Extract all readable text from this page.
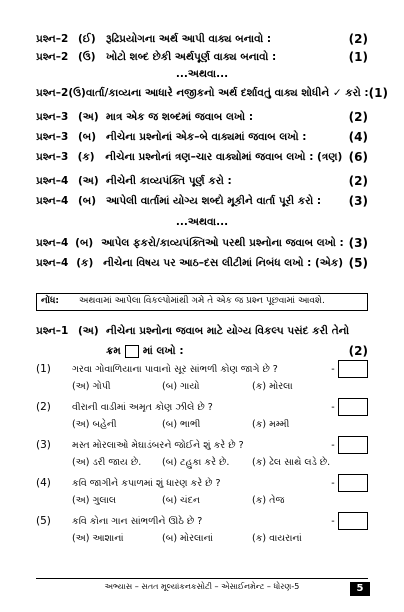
પ્રશ્ન–2 (ઈ) રૂઢિપ્રયોગના અર્થ આપી વાક્ય બનાવો :	(2)
પ્રશ્ન–2 (ઉ) ખોટો શબ્દ છેકી અર્થપૂર્ણ વાક્ય બનાવો :	(1)
...અથવા...
પ્રશ્ન–2 (ઉ) વાર્તા/કાવ્યના આધારે નજીકનો અર્થ દર્શાવતું વાક્ય શોધીને ✓ કરો : (1)
પ્રશ્ન–3 (અ) માત્ર એક જ શબ્દમાં જવાબ લખો :	(2)
પ્રશ્ન–3 (બ) નીચેના પ્રશ્નોનાં એક–બે વાક્યમાં જવાબ લખો :	(4)
પ્રશ્ન–3 (ક)	નીચેના પ્રશ્નોનાં ત્રણ–ચાર વાક્યોમાં જવાબ લખો : (ત્રણ) (6)
પ્રશ્ન–4 (અ) નીચેની કાવ્યપંક્તિ પૂર્ણ કરો :	(2)
પ્રશ્ન–4 (બ) આપેલી વાર્તામાં યોગ્ય શબ્દો મૂકીને વાર્તા પૂરી કરો :	(3)
...અથવા...
પ્રશ્ન–4 (બ) આપેલ ફકરો/કાવ્યપંક્તિઓ પરથી પ્રશ્નોના જવાબ લખો : (3)
પ્રશ્ન–4 (ક) નીચેના વિષય પર આઠ–દસ લીટીમાં નિબંધ લખો : (એક) (5)
નોંધ:	અથવામાં આપેલા વિકલ્પોમાંથી ગમે તે એક જ પ્રશ્ન પૂછવામાં આવશે.
પ્રશ્ન–1 (અ) નીચેના પ્રશ્નોના જવાબ માટે યોગ્ય વિકલ્પ પસંદ કરી તેનો
ક્રમ માં લખો :	(2)
(1)	ગરવા ગોવાળિયાના પાવાનો સૂર સાંભળી કોણ જાગે છે ?	-
(અ) ગોપી	(બ) ગાયો	(ક) મોરલા
(2)	વીરાની વાડીમાં અમૃત કોણ ઝીલે છે ?	-
(અ) બહેની	(બ) ભાભી	(ક) મમ્મી
(3)	મસ્ત મોરલાઓ મેઘાડંબરને જોઈને શું કરે છે ?	-
(અ) ડરી જાય છે.	(બ) ટહુકા કરે છે.	(ક) ઢેલ સાથે લડે છે.
(4)	કવિ જાગીને કપાળમાં શું ધારણ કરે છે ?	-
(અ) ગુલાલ	(બ) ચંદન	(ક) તેજ
(5)	કવિ કોના ગાન સાંભળીને ઊઠે છે ?	-
(અ) આશાનાં	(બ) મોરલાનાં	(ક) વાયરાનાં
અભ્યાસ – સતત મૂલ્યાંકનકસોટી – એસાઈનમેન્ટ – ધોરણ-5	5
